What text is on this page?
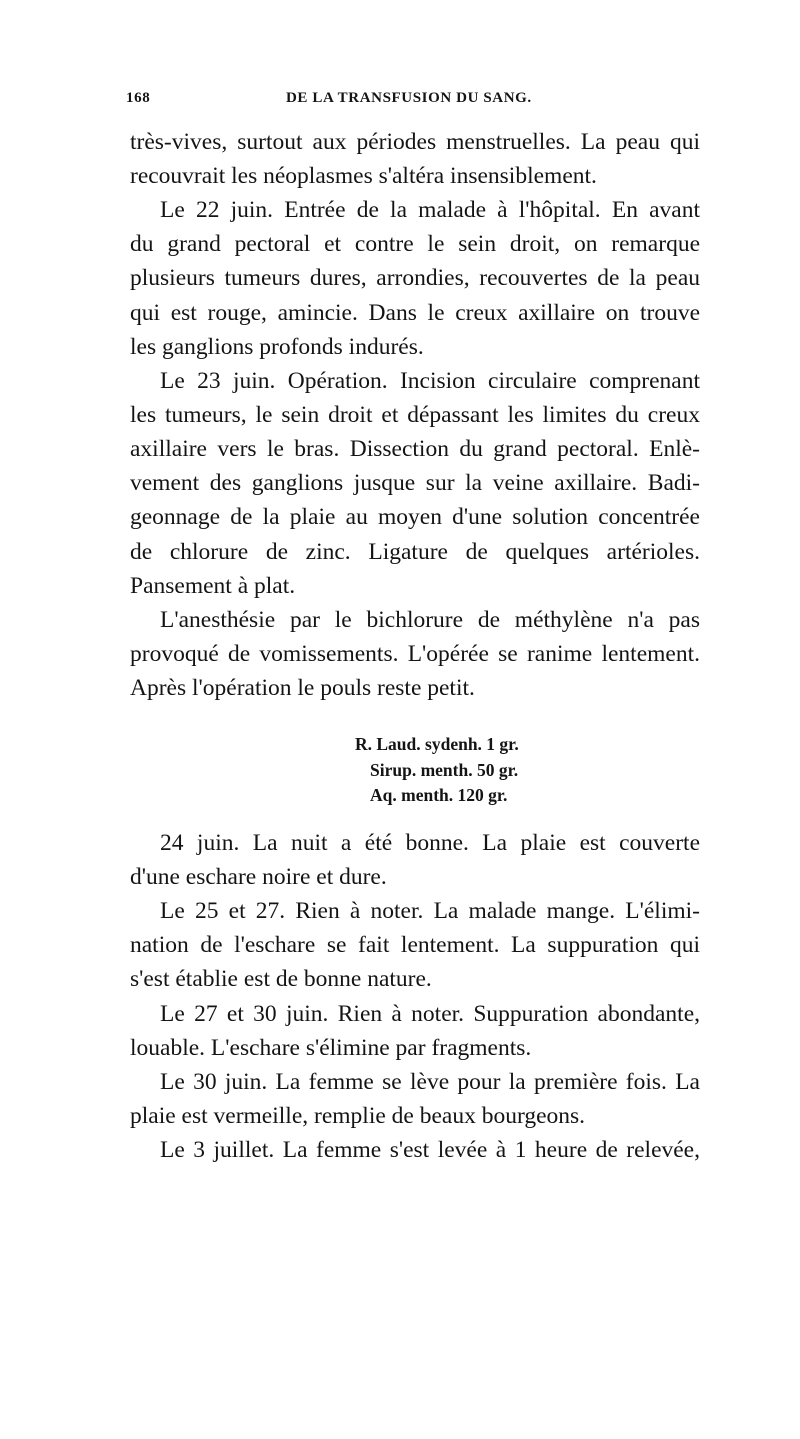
168	DE LA TRANSFUSION DU SANG.
très-vives, surtout aux périodes menstruelles. La peau qui
recouvrait les néoplasmes s'altéra insensiblement.
Le 22 juin. Entrée de la malade à l'hôpital. En avant
du grand pectoral et contre le sein droit, on remarque
plusieurs tumeurs dures, arrondies, recouvertes de la peau
qui est rouge, amincie. Dans le creux axillaire on trouve
les ganglions profonds indurés.
Le 23 juin. Opération. Incision circulaire comprenant
les tumeurs, le sein droit et dépassant les limites du creux
axillaire vers le bras. Dissection du grand pectoral. Enlè-
vement des ganglions jusque sur la veine axillaire. Badi-
geonnage de la plaie au moyen d'une solution concentrée
de chlorure de zinc. Ligature de quelques artérioles.
Pansement à plat.
L'anesthésie par le bichlorure de méthylène n'a pas
provoqué de vomissements. L'opérée se ranime lentement.
Après l'opération le pouls reste petit.
R. Laud. sydenh. 1 gr.
Sirup. menth. 50 gr.
Aq. menth. 120 gr.
24 juin. La nuit a été bonne. La plaie est couverte
d'une eschare noire et dure.
Le 25 et 27. Rien à noter. La malade mange. L'élimi-
nation de l'eschare se fait lentement. La suppuration qui
s'est établie est de bonne nature.
Le 27 et 30 juin. Rien à noter. Suppuration abondante,
louable. L'eschare s'élimine par fragments.
Le 30 juin. La femme se lève pour la première fois. La
plaie est vermeille, remplie de beaux bourgeons.
Le 3 juillet. La femme s'est levée à 1 heure de relevée,
